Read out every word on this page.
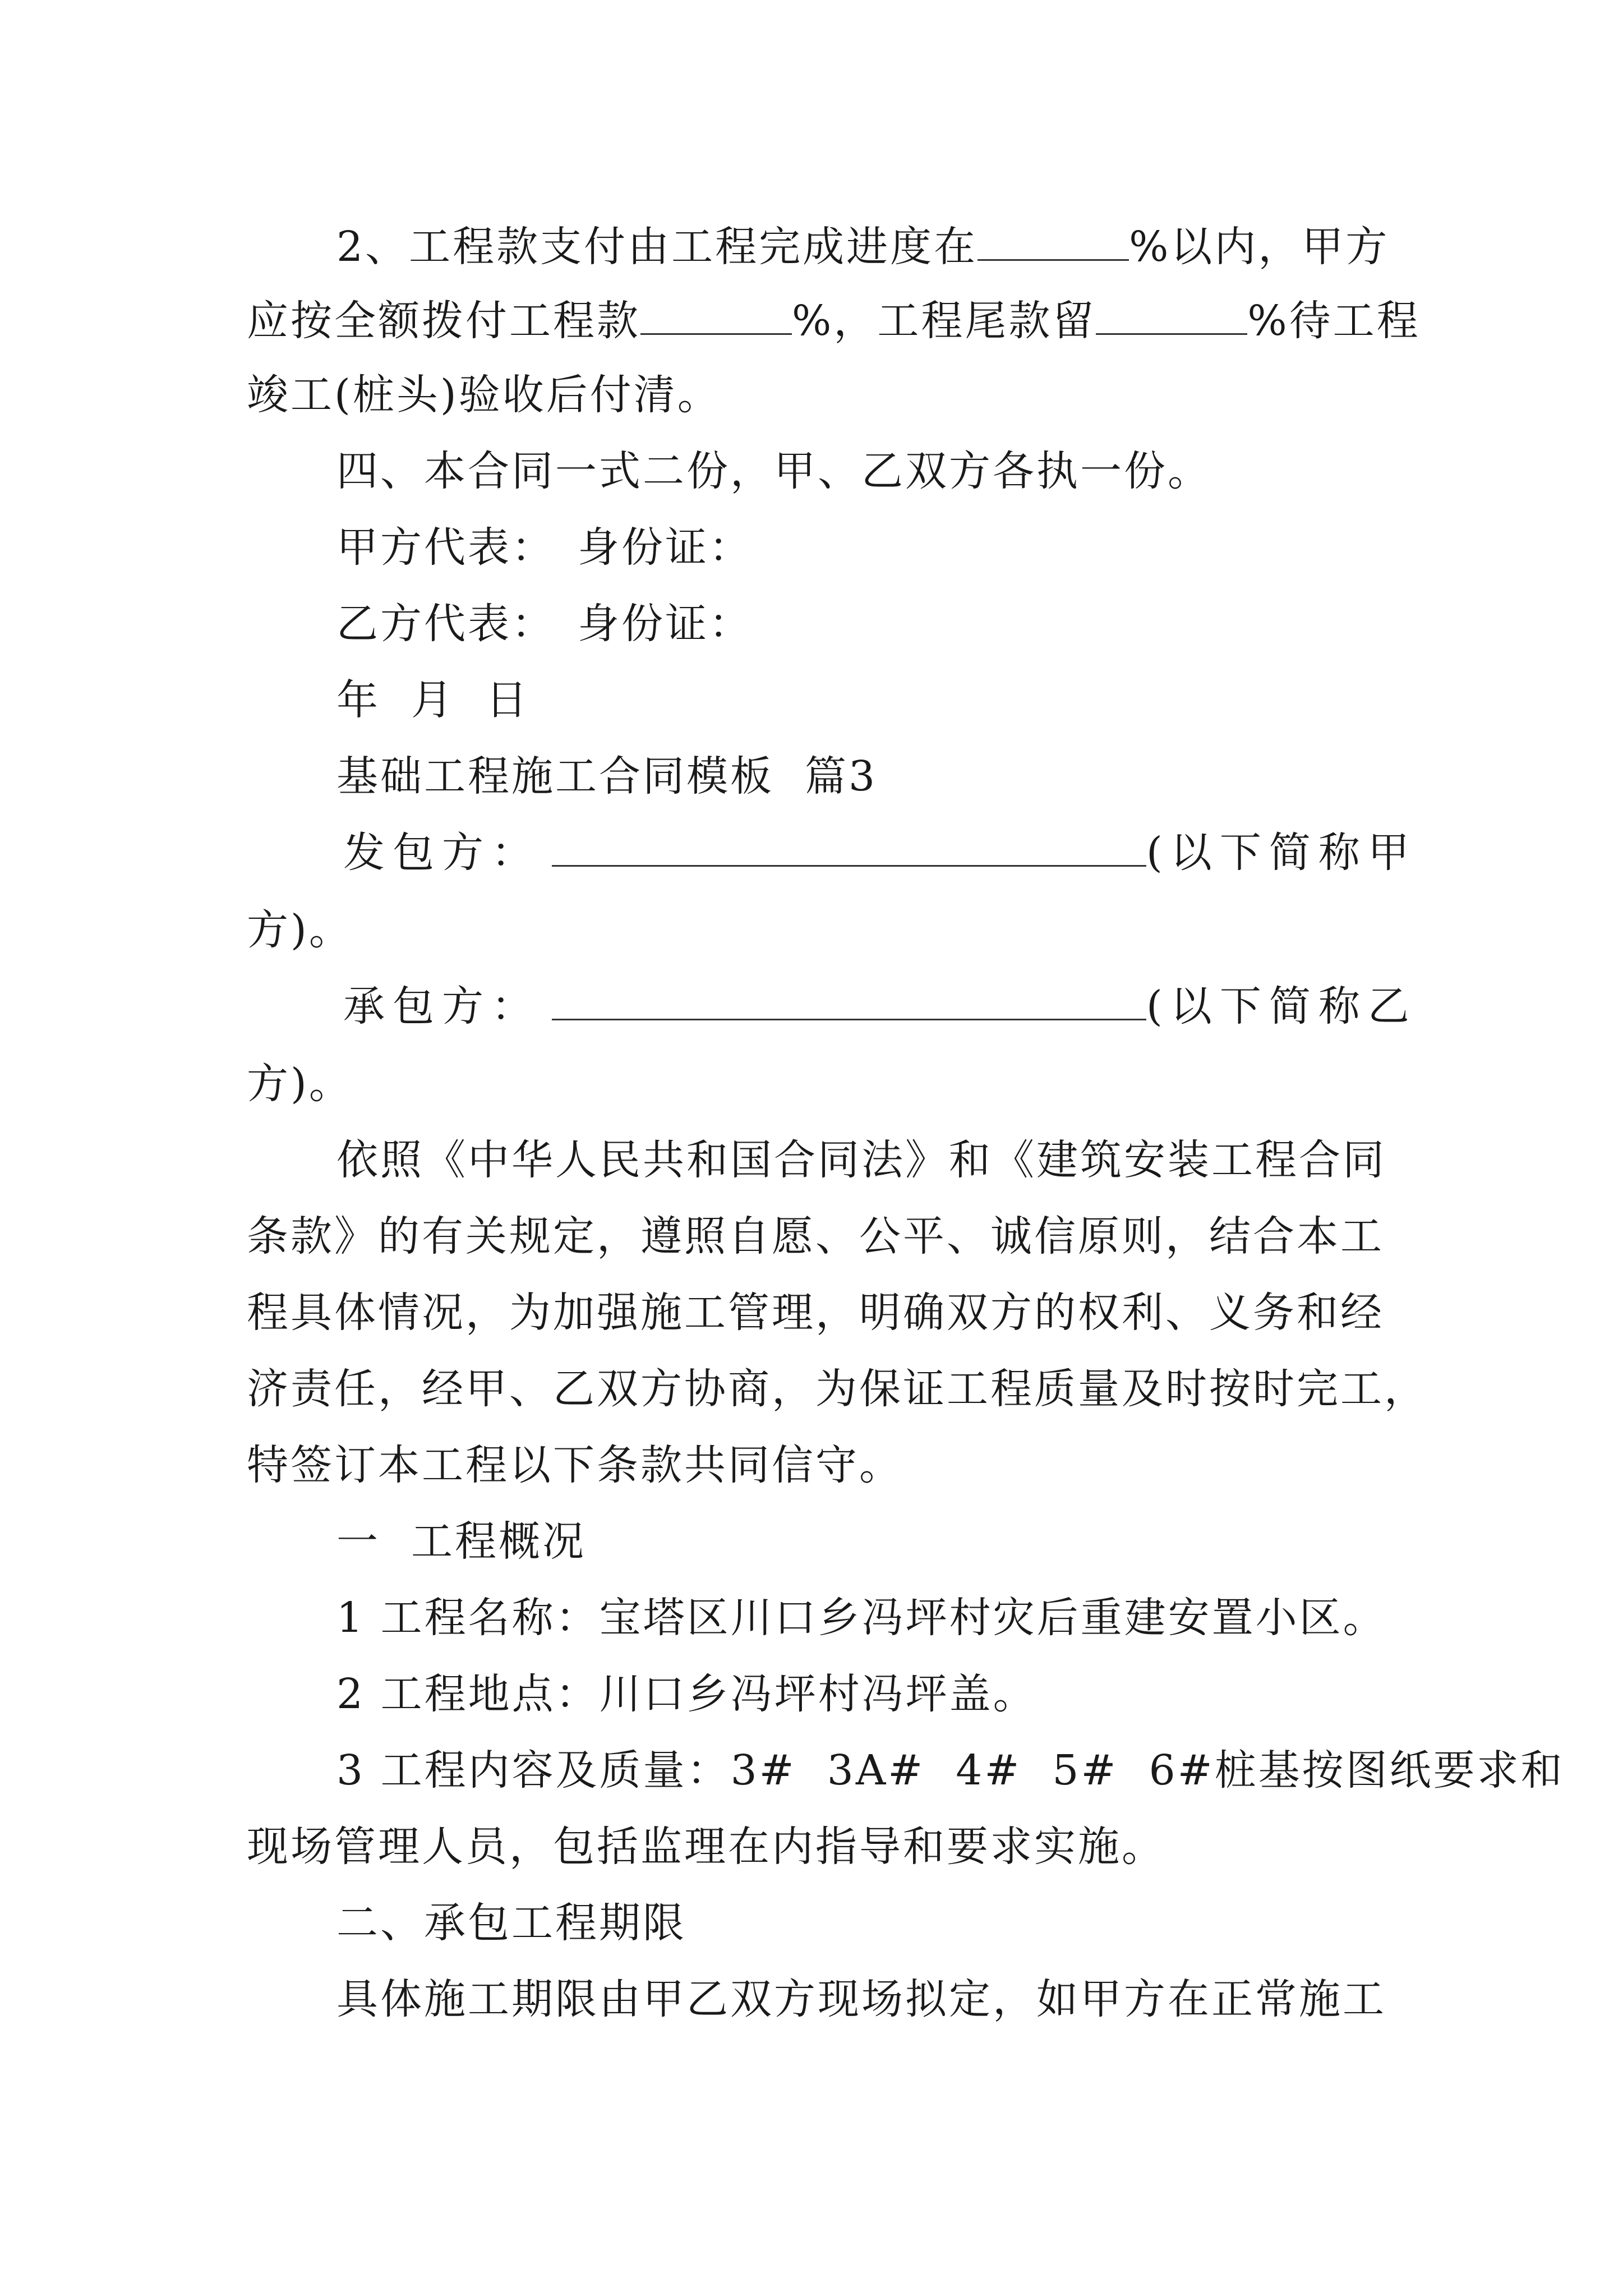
2、工程款支付由工程完成进度在	%以内，甲方
应按全额拨付工程款	%，工程尾款留	%待工程
竣工(桩头)验收后付清。
四、本合同一式二份，甲、乙双方各执一份。
甲方代表： 身份证：
乙方代表： 身份证：
年  月  日
基础工程施工合同模板  篇3
发包方：	(以下简称甲
方)。
承包方：	(以下简称乙
方)。
依照《中华人民共和国合同法》和《建筑安装工程合同
条款》的有关规定，遵照自愿、公平、诚信原则，结合本工
程具体情况，为加强施工管理，明确双方的权利、义务和经
济责任，经甲、乙双方协商，为保证工程质量及时按时完工，
特签订本工程以下条款共同信守。
一  工程概况
1 工程名称：宝塔区川口乡冯坪村灾后重建安置小区。
2 工程地点：川口乡冯坪村冯坪盖。
3 工程内容及质量：3#  3A#  4#  5#  6#桩基按图纸要求和
现场管理人员，包括监理在内指导和要求实施。
二、承包工程期限
具体施工期限由甲乙双方现场拟定，如甲方在正常施工
